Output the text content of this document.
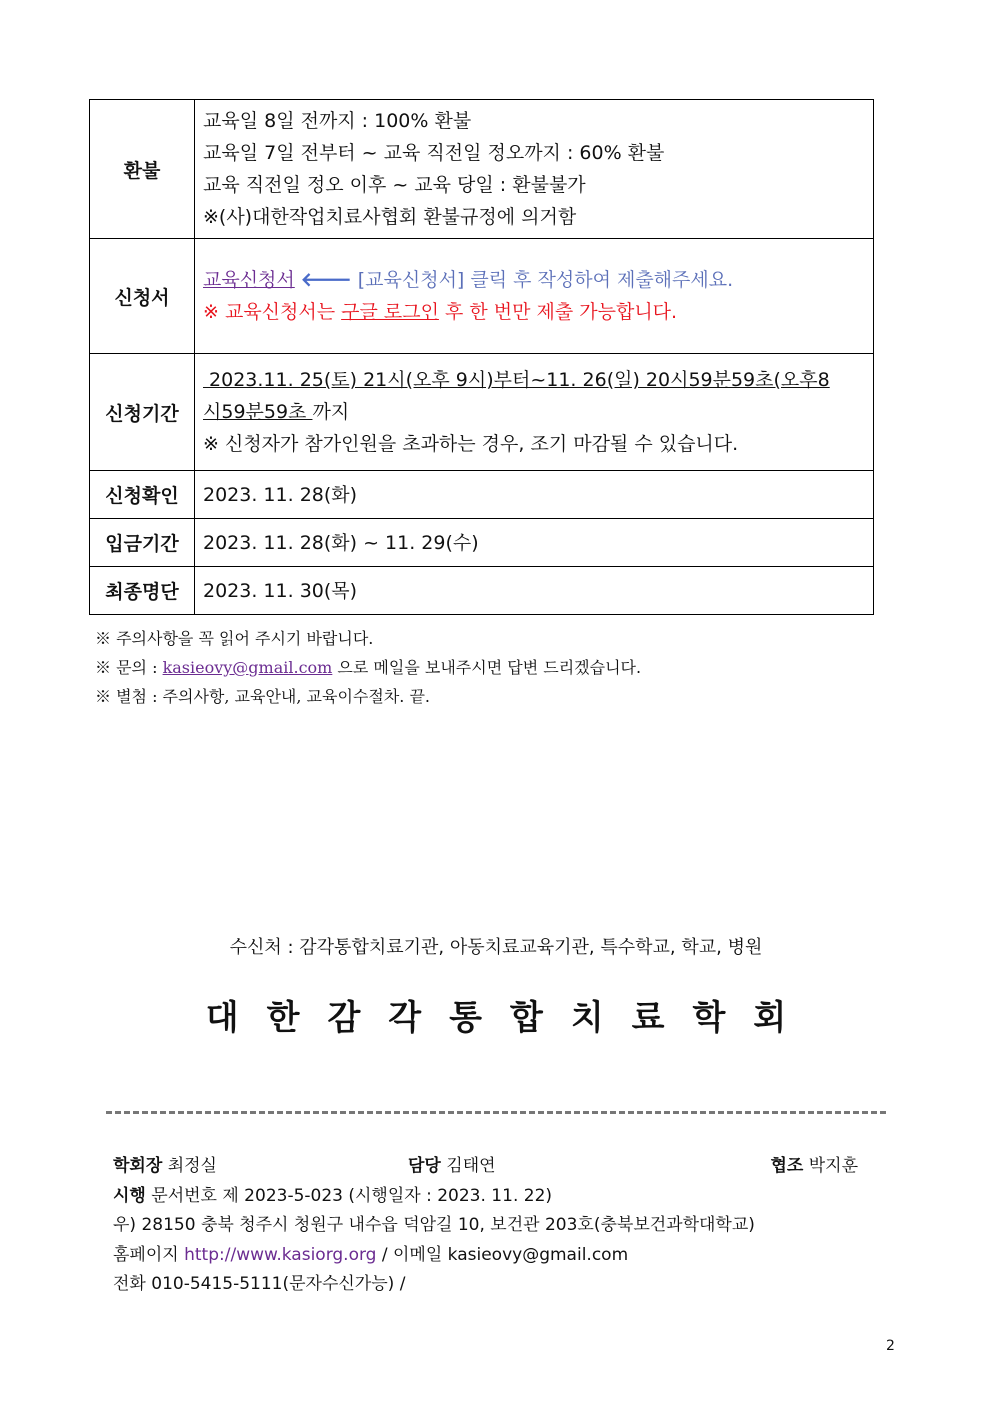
환불	교육일 8일 전까지 : 100% 환불
교육일 7일 전부터 ~ 교육 직전일 정오까지 : 60% 환불
교육 직전일 정오 이후 ~ 교육 당일 : 환불불가
※(사)대한작업치료사협회 환불규정에 의거함

신청서	교육신청서 🡐 [교육신청서] 클릭 후 작성하여 제출해주세요.
※ 교육신청서는 구글 로그인 후 한 번만 제출 가능합니다.

신청기간	2023.11. 25(토) 21시(오후 9시)부터~11. 26(일) 20시59분59초(오후8
시59분59초 까지
※ 신청자가 참가인원을 초과하는 경우, 조기 마감될 수 있습니다.

신청확인	2023. 11. 28(화)
입금기간	2023. 11. 28(화) ~ 11. 29(수)
최종명단	2023. 11. 30(목)
※ 주의사항을 꼭 읽어 주시기 바랍니다.
※ 문의 : kasieovy@gmail.com 으로 메일을 보내주시면 답변 드리겠습니다.
※ 별첨 : 주의사항, 교육안내, 교육이수절차. 끝.
수신처 : 감각통합치료기관, 아동치료교육기관, 특수학교, 학교, 병원
대한감각통합치료학회
학회장 최정실	담당 김태연	협조 박지훈
시행 문서번호 제 2023-5-023 (시행일자 : 2023. 11. 22)
우) 28150 충북 청주시 청원구 내수읍 덕암길 10, 보건관 203호(충북보건과학대학교)
홈페이지 http://www.kasiorg.org / 이메일 kasieovy@gmail.com
전화 010-5415-5111(문자수신가능) /
2
